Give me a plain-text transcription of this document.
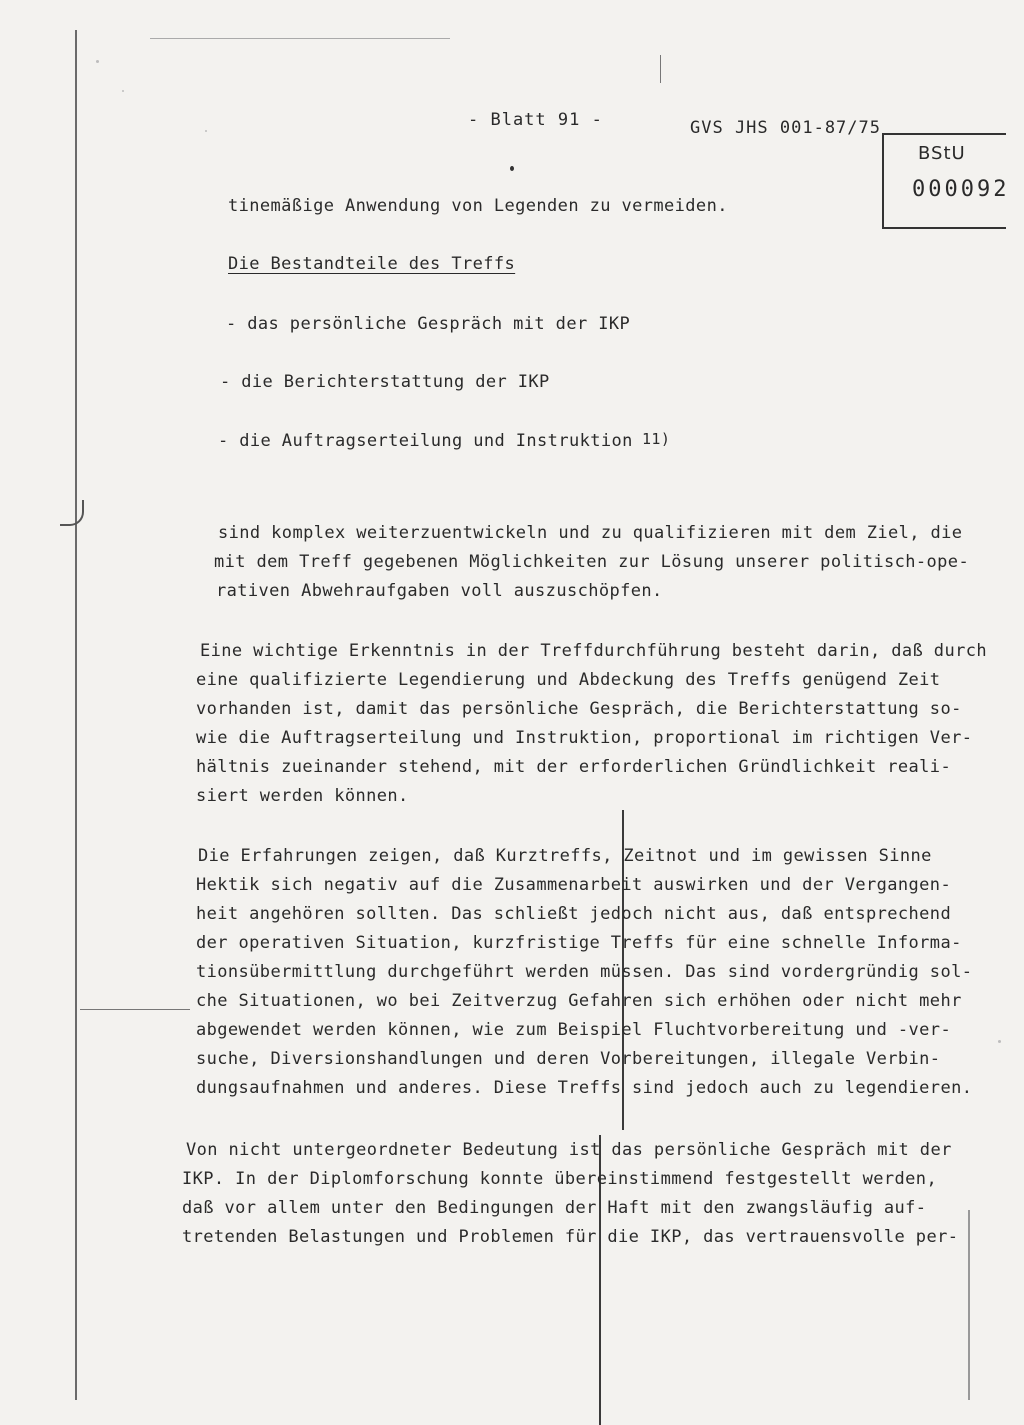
- Blatt 91 -	GVS JHS 001-87/75
BStU
000092
tinemäßige Anwendung von Legenden zu vermeiden.
Die Bestandteile des Treffs
- das persönliche Gespräch mit der IKP
- die Berichterstattung der IKP
- die Auftragserteilung und Instruktion 11)
sind komplex weiterzuentwickeln und zu qualifizieren mit dem Ziel, die
mit dem Treff gegebenen Möglichkeiten zur Lösung unserer politisch-ope-
rativen Abwehraufgaben voll auszuschöpfen.
Eine wichtige Erkenntnis in der Treffdurchführung besteht darin, daß durch
eine qualifizierte Legendierung und Abdeckung des Treffs genügend Zeit
vorhanden ist, damit das persönliche Gespräch, die Berichterstattung so-
wie die Auftragserteilung und Instruktion, proportional im richtigen Ver-
hältnis zueinander stehend, mit der erforderlichen Gründlichkeit reali-
siert werden können.
Die Erfahrungen zeigen, daß Kurztreffs, Zeitnot und im gewissen Sinne
Hektik sich negativ auf die Zusammenarbeit auswirken und der Vergangen-
heit angehören sollten. Das schließt jedoch nicht aus, daß entsprechend
der operativen Situation, kurzfristige Treffs für eine schnelle Informa-
tionsübermittlung durchgeführt werden müssen. Das sind vordergründig sol-
che Situationen, wo bei Zeitverzug Gefahren sich erhöhen oder nicht mehr
abgewendet werden können, wie zum Beispiel Fluchtvorbereitung und -ver-
suche, Diversionshandlungen und deren Vorbereitungen, illegale Verbin-
dungsaufnahmen und anderes. Diese Treffs sind jedoch auch zu legendieren.
Von nicht untergeordneter Bedeutung ist das persönliche Gespräch mit der
IKP. In der Diplomforschung konnte übereinstimmend festgestellt werden,
daß vor allem unter den Bedingungen der Haft mit den zwangsläufig auf-
tretenden Belastungen und Problemen für die IKP, das vertrauensvolle per-
